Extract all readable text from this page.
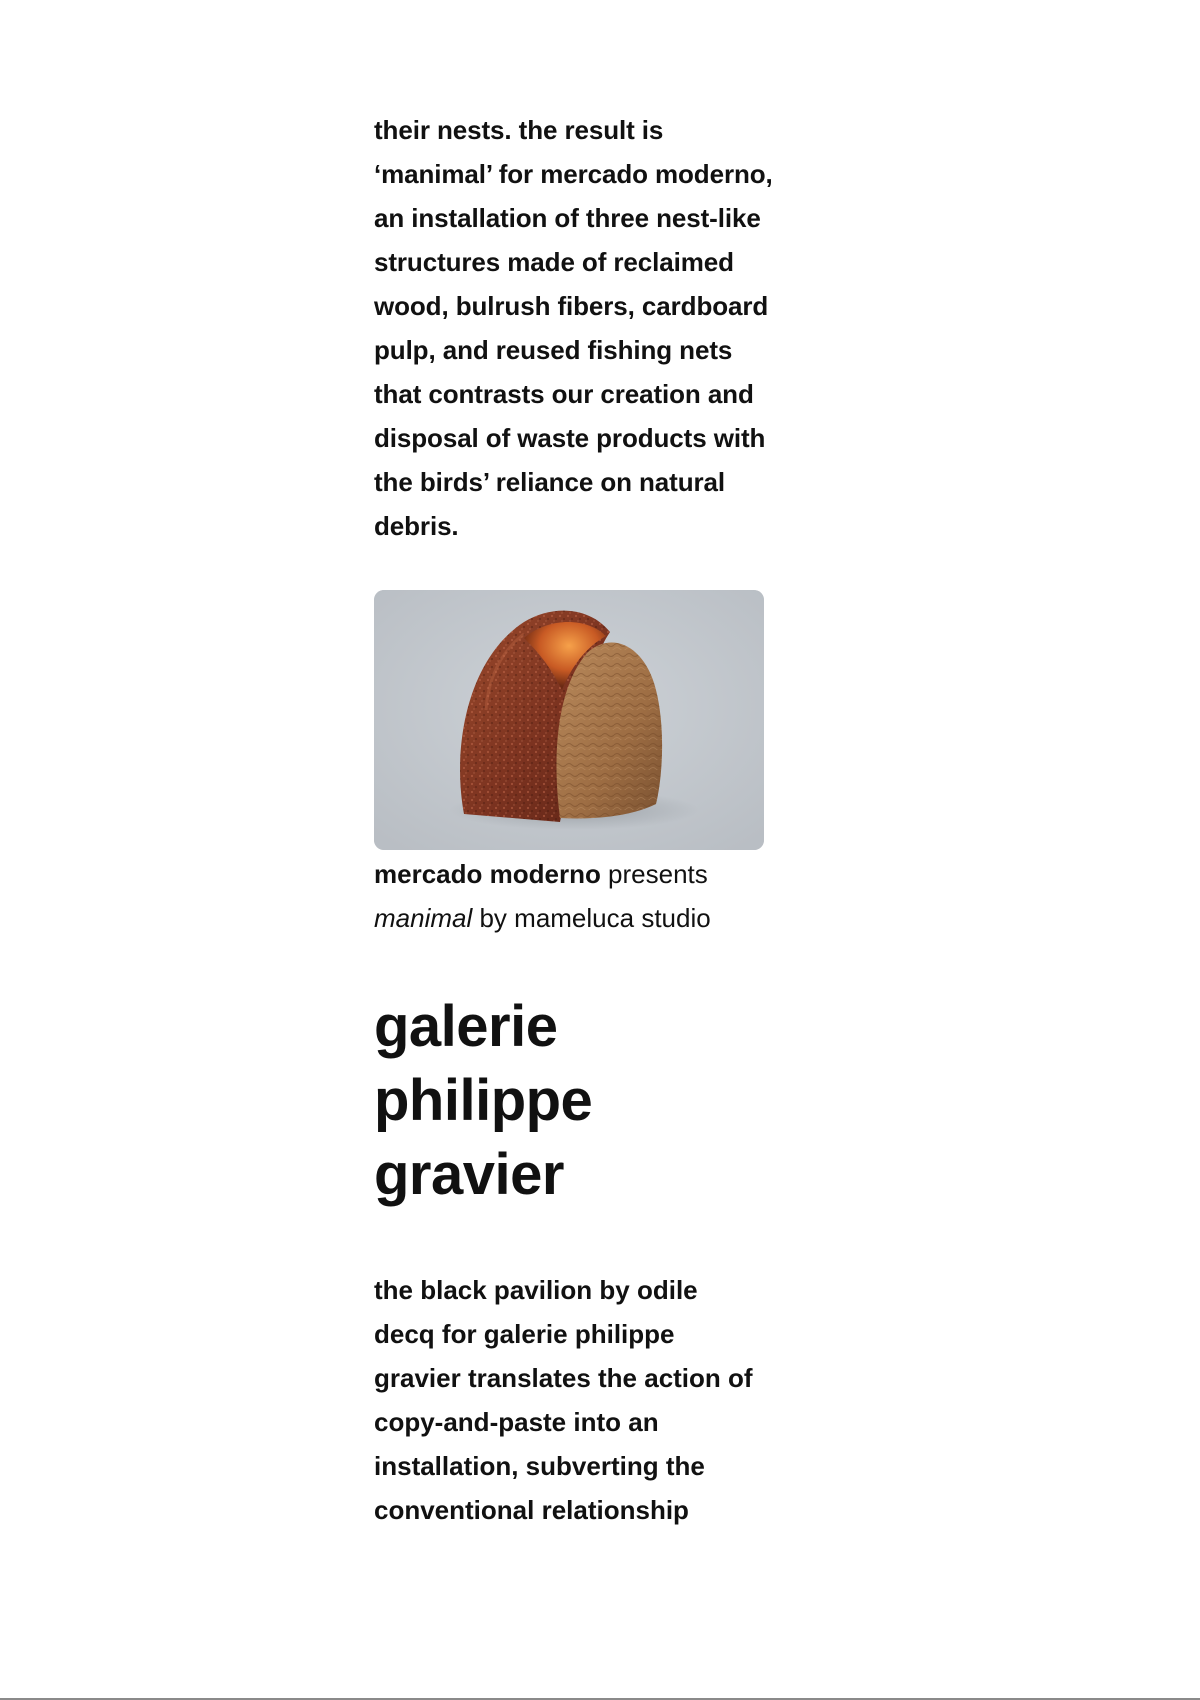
their nests. the result is ‘manimal’ for mercado moderno, an installation of three nest-like structures made of reclaimed wood, bulrush fibers, cardboard pulp, and reused fishing nets that contrasts our creation and disposal of waste products with the birds’ reliance on natural debris.

mercado moderno presents
manimal by mameluca studio

galerie philippe gravier

the black pavilion by odile decq for galerie philippe gravier translates the action of copy-and-paste into an installation, subverting the conventional relationship
